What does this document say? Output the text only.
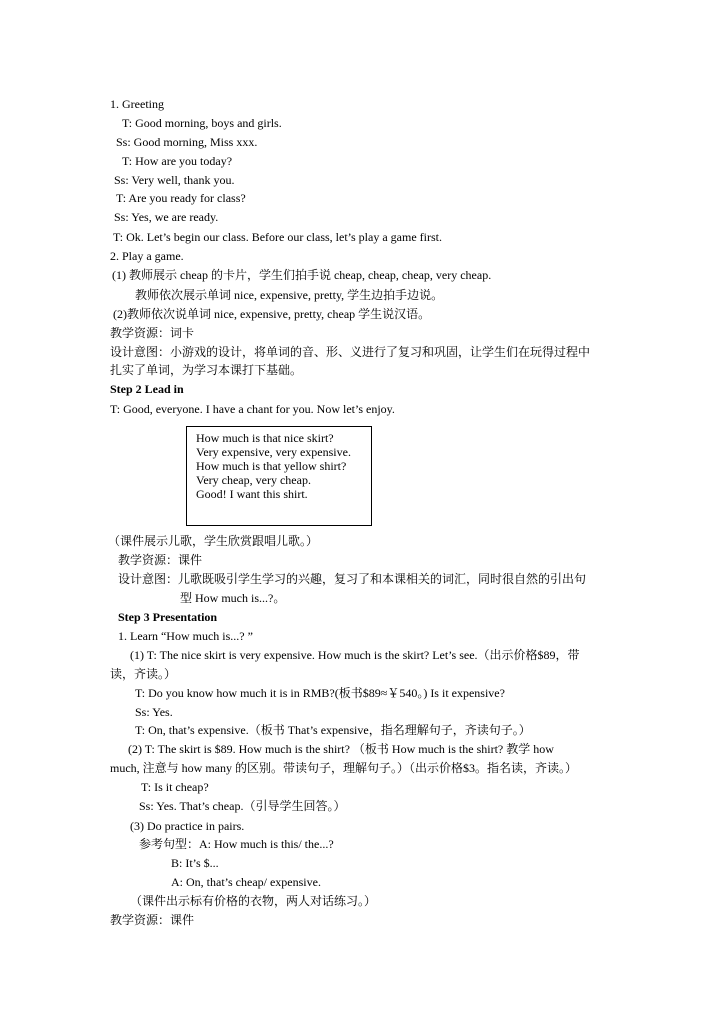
1. Greeting
T: Good morning, boys and girls.
Ss: Good morning, Miss xxx.
T: How are you today?
Ss: Very well, thank you.
T: Are you ready for class?
Ss: Yes, we are ready.
T: Ok. Let’s begin our class. Before our class, let’s play a game first.
2. Play a game.
(1) 教师展示 cheap 的卡片，学生们拍手说 cheap, cheap, cheap, very cheap.
教师依次展示单词 nice, expensive, pretty, 学生边拍手边说。
(2)教师依次说单词 nice, expensive, pretty, cheap 学生说汉语。
教学资源：词卡
设计意图：小游戏的设计，将单词的音、形、义进行了复习和巩固，让学生们在玩得过程中
扎实了单词，为学习本课打下基础。
Step 2 Lead in
T: Good, everyone. I have a chant for you. Now let’s enjoy.
（课件展示儿歌，学生欣赏跟唱儿歌。）
教学资源：课件
设计意图：儿歌既吸引学生学习的兴趣，复习了和本课相关的词汇，同时很自然的引出句
型 How much is...?。
Step 3 Presentation
1. Learn “How much is...? ”
(1) T: The nice skirt is very expensive. How much is the skirt? Let’s see.（出示价格$89，带
读，齐读。）
T: Do you know how much it is in RMB?(板书$89≈￥540。) Is it expensive?
Ss: Yes.
T: On, that’s expensive.（板书 That’s expensive，指名理解句子，齐读句子。）
(2) T: The skirt is $89. How much is the shirt? （板书 How much is the shirt? 教学 how
much, 注意与 how many 的区别。带读句子，理解句子。）（出示价格$3。指名读，齐读。）
T: Is it cheap?
Ss: Yes. That’s cheap.（引导学生回答。）
(3) Do practice in pairs.
参考句型：A: How much is this/ the...?
B: It’s $...
A: On, that’s cheap/ expensive.
（课件出示标有价格的衣物，两人对话练习。）
教学资源：课件
How much is that nice skirt?
Very expensive, very expensive.
How much is that yellow shirt?
Very cheap, very cheap.
Good! I want this shirt.
